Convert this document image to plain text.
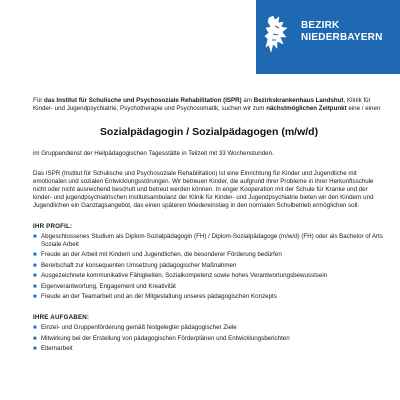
BEZIRK
NIEDERBAYERN

Für das Institut für Schulische und Psychosoziale Rehabilitation (ISPR) am Bezirkskrankenhaus Landshut, Klinik für Kinder- und Jugendpsychiatrie, Psychotherapie und Psychosomatik, suchen wir zum nächstmöglichen Zeitpunkt eine / einen

Sozialpädagogin / Sozialpädagogen (m/w/d)

im Gruppendienst der Heilpädagogischen Tagesstätte in Teilzeit mit 33 Wochenstunden.

Das ISPR (Institut für Schulische und Psychosoziale Rehabilitation) ist eine Einrichtung für Kinder und Jugendliche mit emotionalen und sozialen Entwicklungsstörungen. Wir betreuen Kinder, die aufgrund ihrer Probleme in ihrer Herkunftsschule nicht oder nicht ausreichend beschult und betreut werden können. In enger Kooperation mit der Schule für Kranke und der kinder- und jugendpsychiatrischen Institutsambulanz der Klinik für Kinder- und Jugendpsychiatrie bieten wir den Kindern und Jugendlichen ein Ganztagsangebot, das einen späteren Wiedereinstieg in den normalen Schulbetrieb ermöglichen soll.

IHR PROFIL:
■ Abgeschlossenes Studium als Diplom-Sozialpädagogin (FH) / Diplom-Sozialpädagoge (m/w/d) (FH) oder als Bachelor of Arts Soziale Arbeit
■ Freude an der Arbeit mit Kindern und Jugendlichen, die besonderer Förderung bedürfen
■ Bereitschaft zur konsequenten Umsetzung pädagogischer Maßnahmen
■ Ausgezeichnete kommunikative Fähigkeiten, Sozialkompetenz sowie hohes Verantwortungsbewusstsein
■ Eigenverantwortung, Engagement und Kreativität
■ Freude an der Teamarbeit und an der Mitgestaltung unseres pädagogischen Konzepts
IHRE AUFGABEN:
■ Einzel- und Gruppenförderung gemäß festgelegter pädagogischer Ziele
■ Mitwirkung bei der Erstellung von pädagogischen Förderplänen und Entwicklungsberichten
■ Elternarbeit
